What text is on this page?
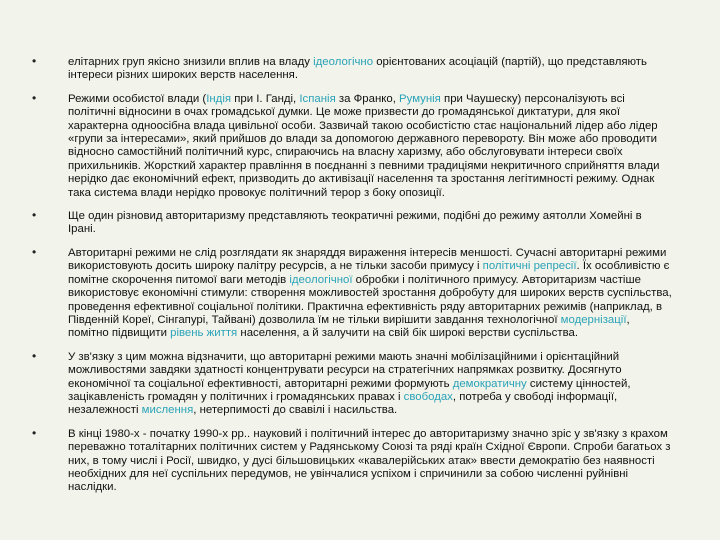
•	елітарних груп якісно знизили вплив на владу ідеологічно орієнтованих асоціацій (партій), що представляють інтереси різних широких верств населення.
•	Режими особистої влади (Індія при І. Ганді, Іспанія за Франко, Румунія при Чаушеску) персоналізують всі політичні відносини в очах громадської думки. Це може призвести до громадянської диктатури, для якої характерна одноосібна влада цивільної особи. Зазвичай такою особистістю стає національний лідер або лідер «групи за інтересами», який прийшов до влади за допомогою державного перевороту. Він може або проводити відносно самостійний політичний курс, спираючись на власну харизму, або обслуговувати інтереси своїх прихильників. Жорсткий характер правління в поєднанні з певними традиціями некритичного сприйняття влади нерідко дає економічний ефект, призводить до активізації населення та зростання легітимності режиму. Однак така система влади нерідко провокує політичний терор з боку опозиції.
•	Ще один різновид авторитаризму представляють теократичні режими, подібні до режиму аятолли Хомейні в Ірані.
•	Авторитарні режими не слід розглядати як знаряддя вираження інтересів меншості. Сучасні авторитарні режими використовують досить широку палітру ресурсів, а не тільки засоби примусу і політичні репресії. Їх особливістю є помітне скорочення питомої ваги методів ідеологічної обробки і політичного примусу. Авторитаризм частіше використовує економічні стимули: створення можливостей зростання добробуту для широких верств суспільства, проведення ефективної соціальної політики. Практична ефективність ряду авторитарних режимів (наприклад, в Південній Кореї, Сінгапурі, Тайвані) дозволила їм не тільки вирішити завдання технологічної модернізації, помітно підвищити рівень життя населення, а й залучити на свій бік широкі верстви суспільства.
•	У зв'язку з цим можна відзначити, що авторитарні режими мають значні мобілізаційними і орієнтаційний можливостями завдяки здатності концентрувати ресурси на стратегічних напрямках розвитку. Досягнуто економічної та соціальної ефективності, авторитарні режими формують демократичну систему цінностей, зацікавленість громадян у політичних і громадянських правах і свободах, потреба у свободі інформації, незалежності мислення, нетерпимості до свавілі і насильства.
•	В кінці 1980-х - початку 1990-х рр.. науковий і політичний інтерес до авторитаризму значно зріс у зв'язку з крахом переважно тоталітарних політичних систем у Радянському Союзі та ряді країн Східної Європи. Спроби багатьох з них, в тому числі і Росії, швидко, у дусі більшовицьких «кавалерійських атак» ввести демократію без наявності необхідних для неї суспільних передумов, не увінчалися успіхом і спричинили за собою численні руйнівні наслідки.
